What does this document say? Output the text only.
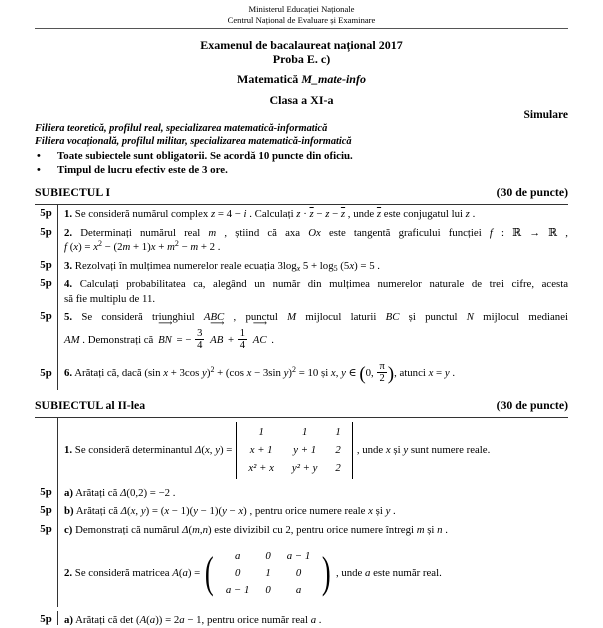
Ministerul Educației Naționale
Centrul Național de Evaluare și Examinare
Examenul de bacalaureat național 2017
Proba E. c)
Matematică M_mate-info
Clasa a XI-a
Simulare
Filiera teoretică, profilul real, specializarea matematică-informatică
Filiera vocațională, profilul militar, specializarea matematică-informatică
•	Toate subiectele sunt obligatorii. Se acordă 10 puncte din oficiu.
•	Timpul de lucru efectiv este de 3 ore.
SUBIECTUL I	(30 de puncte)
5p	1. Se consideră numărul complex z = 4 − i . Calculați $z \cdot \overline{z} - z - \overline{z}$ , unde $\overline{z}$ este conjugatul lui z .
5p	2. Determinați numărul real m , știind că axa Ox este tangentă graficului funcției f : ℝ → ℝ ,
f $(x) = x^2 - (2m + 1)x + m^2 - m + 2$ .
5p	3. Rezolvați în mulțimea numerelor reale ecuația 3logx 5 + log5 (5x) = 5 .
5p	4. Calculați probabilitatea ca, alegând un număr din mulțimea numerelor naturale de trei cifre, acesta
să fie multiplu de 11.
5p	5. Se consideră triunghiul ABC , punctul M mijlocul laturii BC și punctul N mijlocul medianei
AM . Demonstrați că ⟶ BN = − $\frac{3}{4}$ ⟶ AB + $\frac{1}{4}$ ⟶ AC .
5p	6. Arătați că, dacă (sin x + 3cos y)$^2$ + (cos x − 3sin y)$^2$ = 10 și x, y ∈ (0, $\frac{\pi}{2}$ ), atunci x = y .
SUBIECTUL al II-lea	(30 de puncte)
1. Se consideră determinantul Δ(x, y) =
1	1	1
x + 1	y + 1	2
x² + x	y² + y	2
, unde x și y sunt numere reale.
5p	a) Arătați că Δ(0,2) = −2 .
5p	b) Arătați că Δ(x, y) = (x − 1)(y − 1)(y − x) , pentru orice numere reale x și y .
5p	c) Demonstrați că numărul Δ(m,n) este divizibil cu 2, pentru orice numere întregi m și n .
2. Se consideră matricea A(a) = (	a	0	a − 1
0	1	0
a − 1	0	a ) , unde a este număr real.
5p	a) Arătați că det (A(a)) = 2a − 1, pentru orice număr real a .
